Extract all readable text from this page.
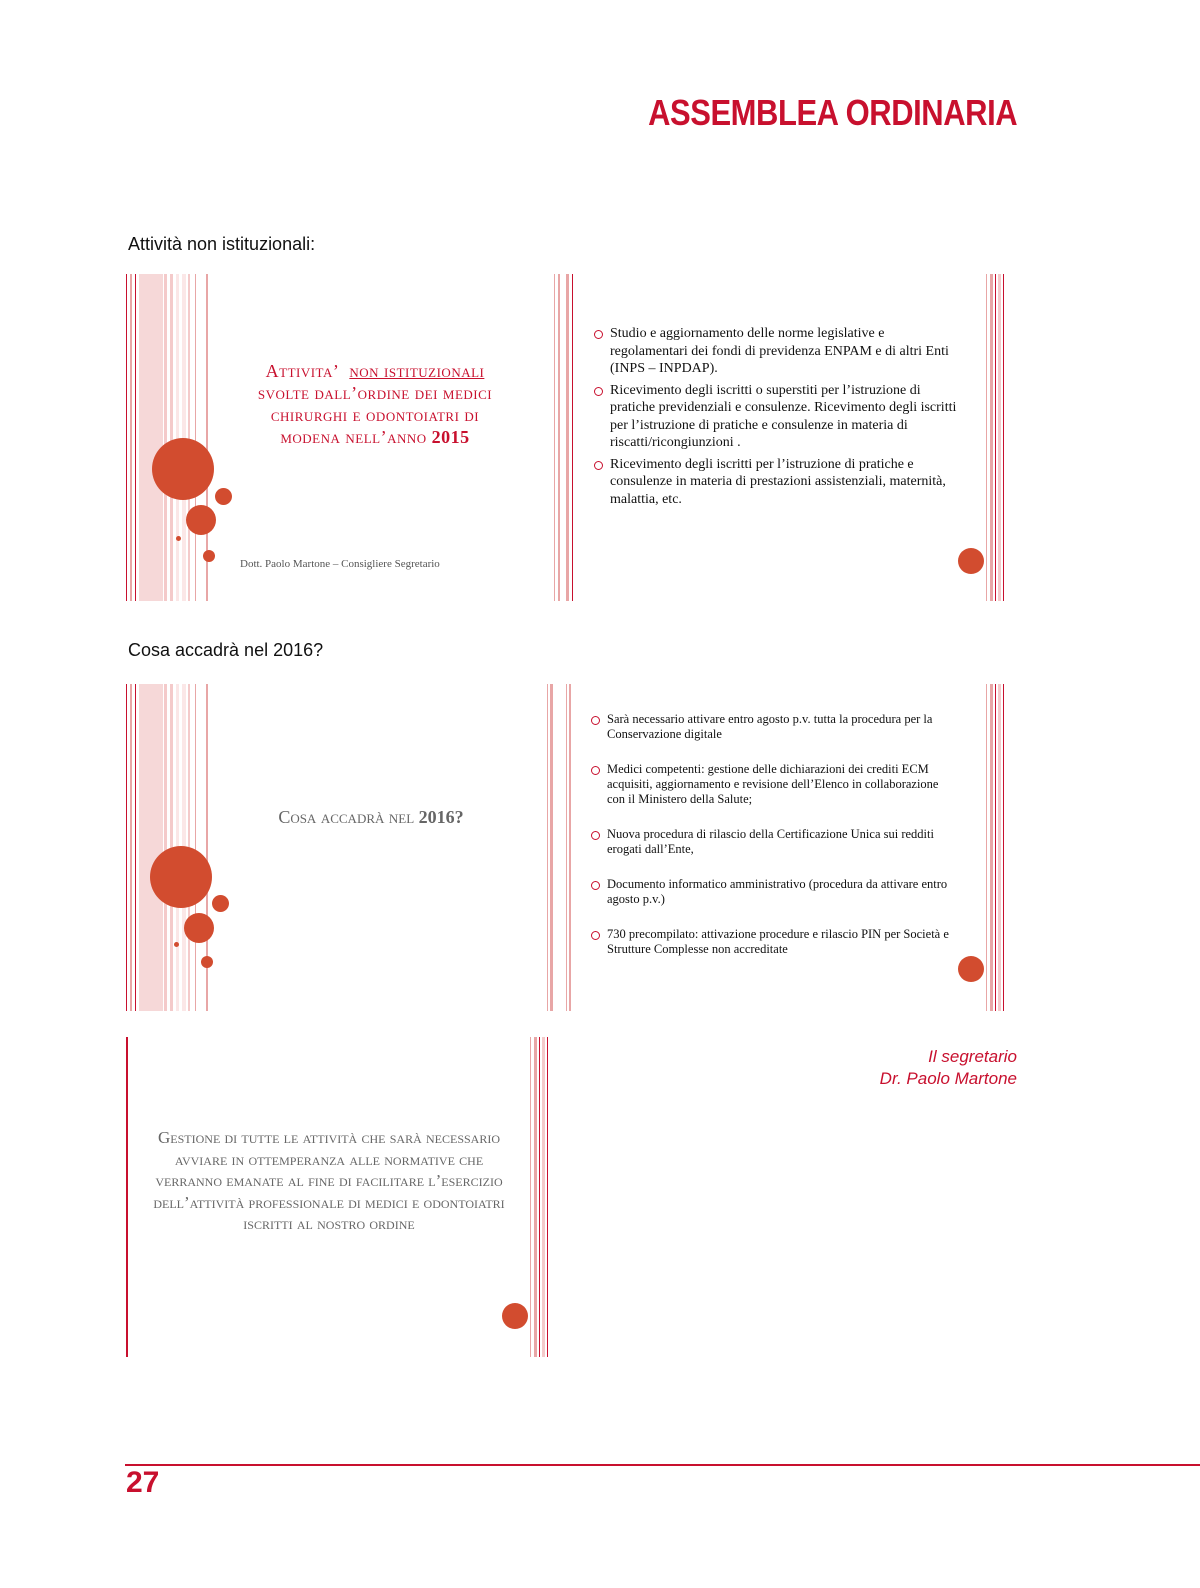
ASSEMBLEA ORDINARIA
Attività non istituzionali:
Attivita’ non istituzionali svolte dall’ordine dei medici chirurghi e odontoiatri di modena nell’anno 2015
Dott. Paolo Martone – Consigliere Segretario
Studio e aggiornamento delle norme legislative e regolamentari dei fondi di previdenza ENPAM e di altri Enti (INPS – INPDAP).
Ricevimento degli iscritti o superstiti per l’istruzione di pratiche previdenziali e consulenze. Ricevimento degli iscritti per l’istruzione di pratiche e consulenze in materia di riscatti/ricongiunzioni .
Ricevimento degli iscritti per l’istruzione di pratiche e consulenze in materia di prestazioni assistenziali, maternità, malattia, etc.
Cosa accadrà nel 2016?
Cosa accadrà nel 2016?
Sarà necessario attivare entro agosto p.v. tutta la procedura per la Conservazione digitale
Medici competenti: gestione delle dichiarazioni dei crediti ECM acquisiti, aggiornamento e revisione dell’Elenco in collaborazione con il Ministero della Salute;
Nuova procedura di rilascio della Certificazione Unica sui redditi erogati dall’Ente,
Documento informatico amministrativo (procedura da attivare entro agosto p.v.)
730 precompilato: attivazione procedure e rilascio PIN per Società e Strutture Complesse non accreditate
Gestione di tutte le attività che sarà necessario avviare in ottemperanza alle normative che verranno emanate al fine di facilitare l’esercizio dell’attività professionale di medici e odontoiatri iscritti al nostro ordine
Il segretario
Dr. Paolo Martone
27
